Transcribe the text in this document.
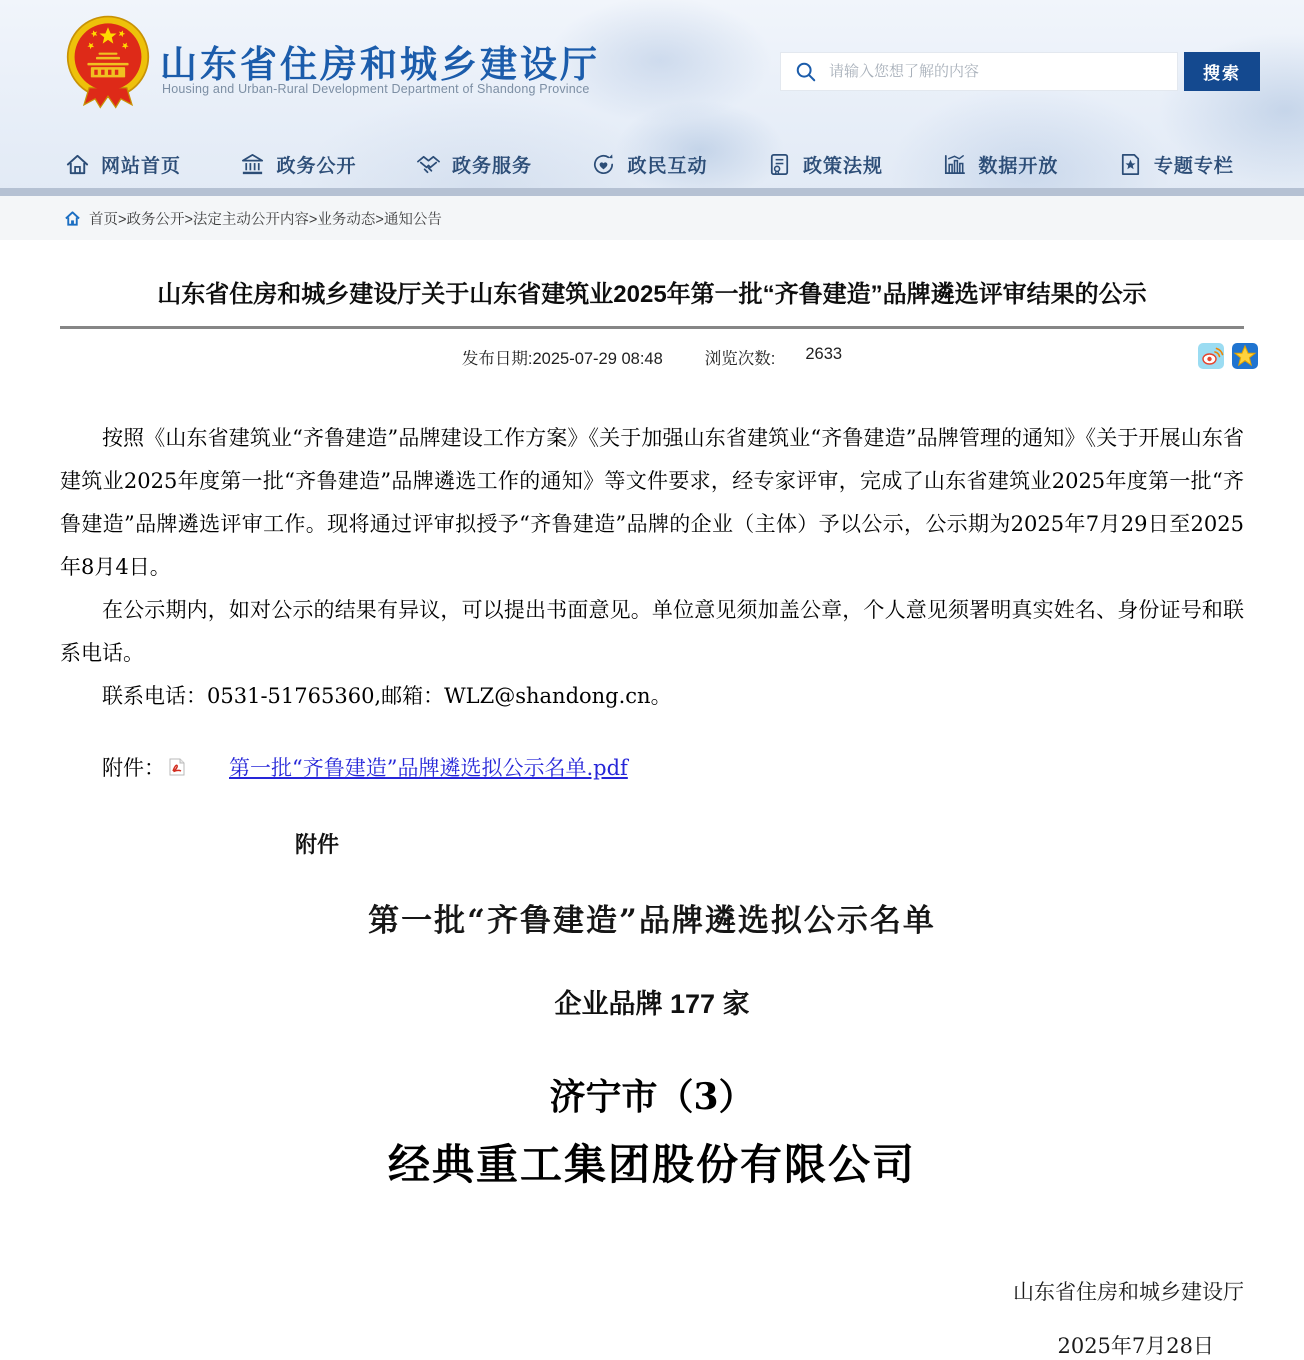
山东省住房和城乡建设厅
Housing and Urban-Rural Development Department of Shandong Province
请输入您想了解的内容
搜索
网站首页	政务公开	政务服务	政民互动	政策法规	数据开放	专题专栏
首页>政务公开>法定主动公开内容>业务动态>通知公告
山东省住房和城乡建设厅关于山东省建筑业2025年第一批“齐鲁建造”品牌遴选评审结果的公示
发布日期:2025-07-29 08:48	浏览次数: 2633

按照《山东省建筑业“齐鲁建造”品牌建设工作方案》《关于加强山东省建筑业“齐鲁建造”品牌管理的通知》《关于开展山东省建筑业2025年度第一批“齐鲁建造”品牌遴选工作的通知》等文件要求，经专家评审，完成了山东省建筑业2025年度第一批“齐鲁建造”品牌遴选评审工作。现将通过评审拟授予“齐鲁建造”品牌的企业（主体）予以公示，公示期为2025年7月29日至2025年8月4日。

在公示期内，如对公示的结果有异议，可以提出书面意见。单位意见须加盖公章，个人意见须署明真实姓名、身份证号和联系电话。

联系电话：0531-51765360,邮箱：WLZ@shandong.cn。

附件：	第一批“齐鲁建造”品牌遴选拟公示名单.pdf
附件
第一批“齐鲁建造”品牌遴选拟公示名单
企业品牌 177 家
济宁市（3）
经典重工集团股份有限公司
山东省住房和城乡建设厅
2025年7月28日
